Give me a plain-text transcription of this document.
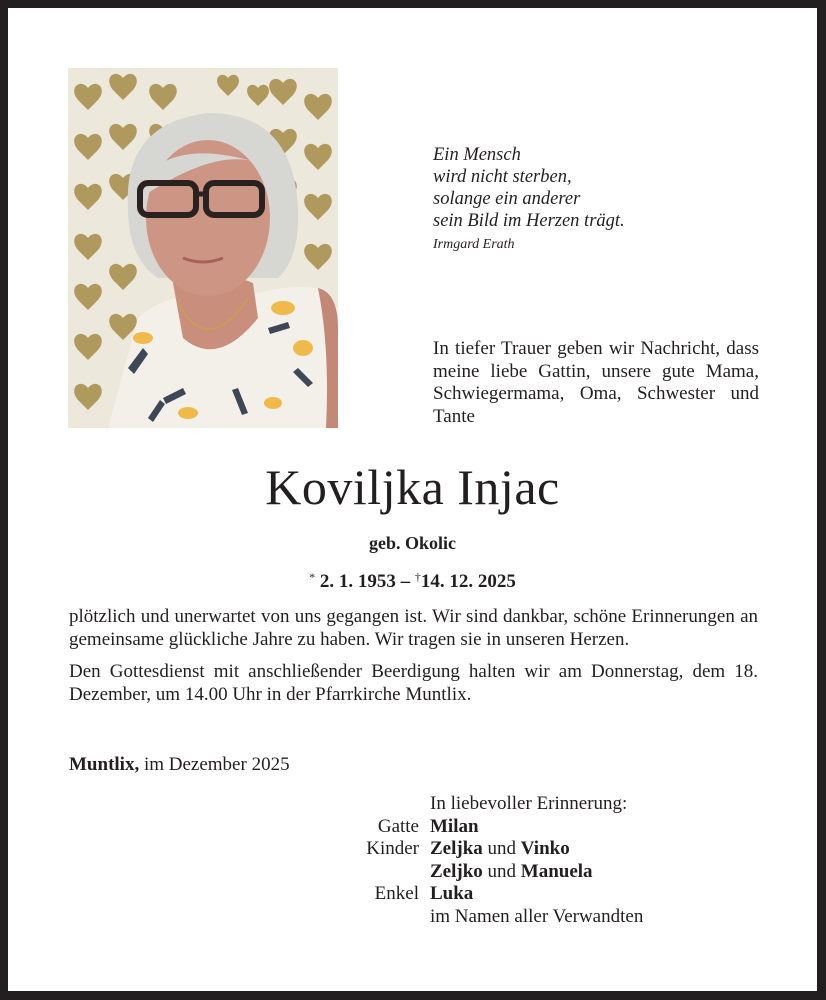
Ein Mensch
wird nicht sterben,
solange ein anderer
sein Bild im Herzen trägt.
Irmgard Erath
In tiefer Trauer geben wir Nachricht, dass meine liebe Gattin, unsere gute Mama, Schwiegermama, Oma, Schwester und Tante
Koviljka Injac
geb. Okolic
* 2. 1. 1953 – †14. 12. 2025

plötzlich und unerwartet von uns gegangen ist. Wir sind dankbar, schöne Erinnerungen an gemeinsame glückliche Jahre zu haben. Wir tragen sie in unseren Herzen.

Den Gottesdienst mit anschließender Beerdigung halten wir am Donnerstag, dem 18. Dezember, um 14.00 Uhr in der Pfarrkirche Muntlix.

Muntlix, im Dezember 2025
In liebevoller Erinnerung:
Gatte Milan
Kinder Zeljka und Vinko
Zeljko und Manuela
Enkel Luka
im Namen aller Verwandten
